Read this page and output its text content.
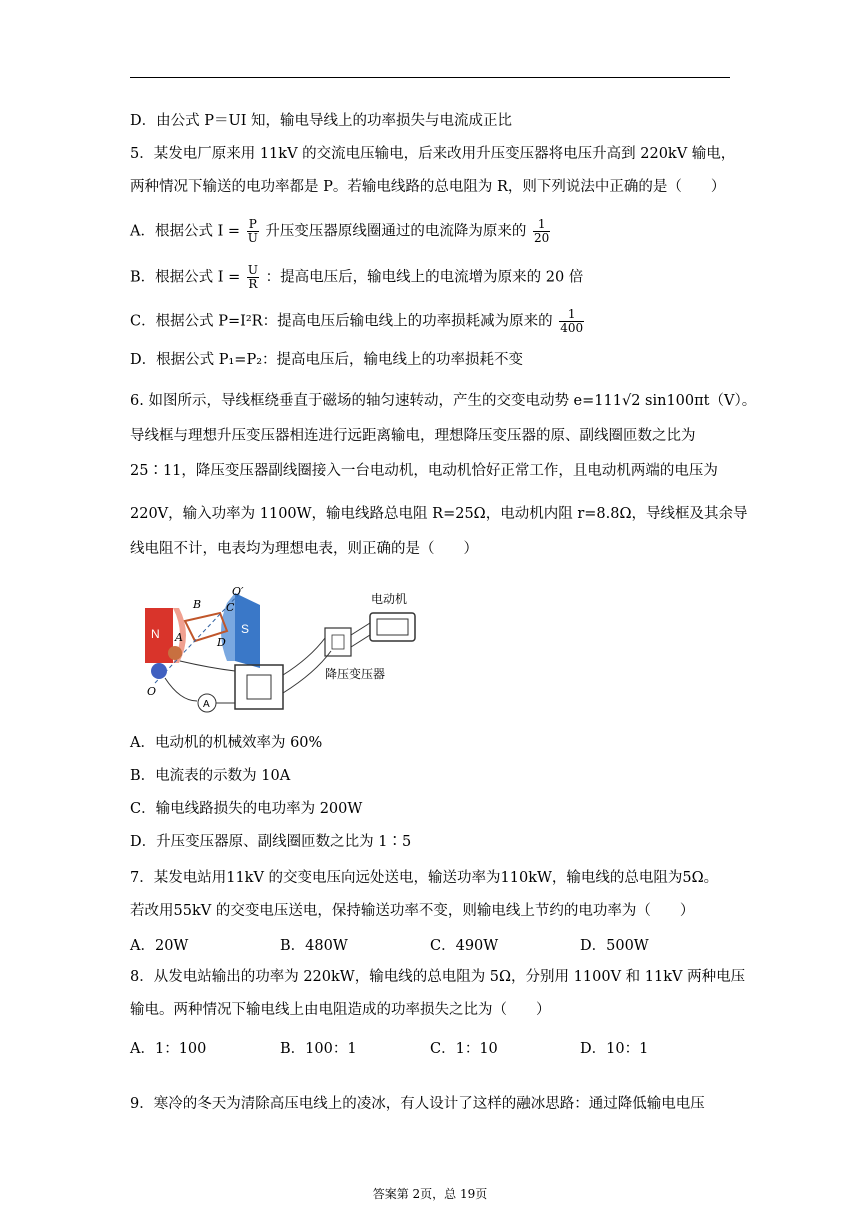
D．由公式 P＝UI 知，输电导线上的功率损失与电流成正比
5．某发电厂原来用 11kV 的交流电压输电，后来改用升压变压器将电压升高到 220kV 输电，
两种情况下输送的电功率都是 P。若输电线路的总电阻为 R，则下列说法中正确的是（　　）
A．根据公式 $I = \frac{P}{U}$ 升压变压器原线圈通过的电流降为原来的 $\frac{1}{20}$
B．根据公式 $I = \frac{U}{R}$ ：提高电压后，输电线上的电流增为原来的 20 倍
C．根据公式 P=I²R：提高电压后输电线上的功率损耗减为原来的 $\frac{1}{400}$
D．根据公式 P₁=P₂：提高电压后，输电线上的功率损耗不变
6. 如图所示，导线框绕垂直于磁场的轴匀速转动，产生的交变电动势 e=111√2 sin100πt（V）。
导线框与理想升压变压器相连进行远距离输电，理想降压变压器的原、副线圈匝数之比为
25∶11，降压变压器副线圈接入一台电动机，电动机恰好正常工作，且电动机两端的电压为
220V，输入功率为 1100W，输电线路总电阻 R=25Ω，电动机内阻 r=8.8Ω，导线框及其余导
线电阻不计，电表均为理想电表，则正确的是（　　）
N	S
B C
A	D
O′
O
A
电动机
降压变压器
A．电动机的机械效率为 60%
B．电流表的示数为 10A
C．输电线路损失的电功率为 200W
D．升压变压器原、副线圈匝数之比为 1∶5
7．某发电站用11kV 的交变电压向远处送电，输送功率为110kW，输电线的总电阻为5Ω。
若改用55kV 的交变电压送电，保持输送功率不变，则输电线上节约的电功率为（　　）
A．20W	B．480W	C．490W	D．500W
8．从发电站输出的功率为 220kW，输电线的总电阻为 5Ω，分别用 1100V 和 11kV 两种电压
输电。两种情况下输电线上由电阻造成的功率损失之比为（　　）
A．1：100	B．100：1	C．1：10	D．10：1
9．寒冷的冬天为清除高压电线上的凌冰，有人设计了这样的融冰思路：通过降低输电电压
答案第 2页，总 19页
